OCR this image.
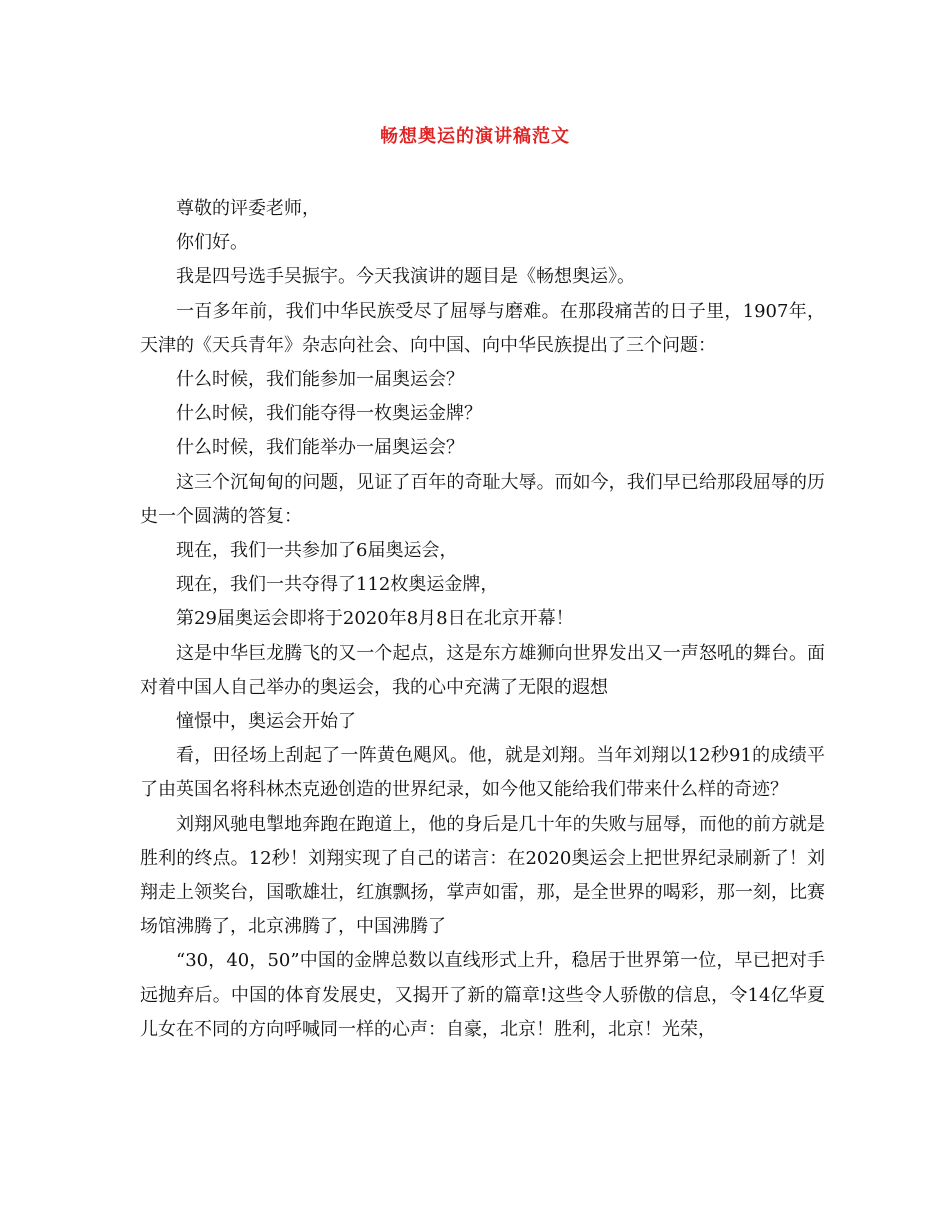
畅想奥运的演讲稿范文

尊敬的评委老师，

你们好。

我是四号选手吴振宇。今天我演讲的题目是《畅想奥运》。

一百多年前，我们中华民族受尽了屈辱与磨难。在那段痛苦的日子里，1907年，天津的《天兵青年》杂志向社会、向中国、向中华民族提出了三个问题：

什么时候，我们能参加一届奥运会？

什么时候，我们能夺得一枚奥运金牌？

什么时候，我们能举办一届奥运会？

这三个沉甸甸的问题，见证了百年的奇耻大辱。而如今，我们早已给那段屈辱的历史一个圆满的答复：

现在，我们一共参加了6届奥运会，

现在，我们一共夺得了112枚奥运金牌，

第29届奥运会即将于2020年8月8日在北京开幕！

这是中华巨龙腾飞的又一个起点，这是东方雄狮向世界发出又一声怒吼的舞台。面对着中国人自己举办的奥运会，我的心中充满了无限的遐想

憧憬中，奥运会开始了

看，田径场上刮起了一阵黄色飓风。他，就是刘翔。当年刘翔以12秒91的成绩平了由英国名将科林杰克逊创造的世界纪录，如今他又能给我们带来什么样的奇迹？

刘翔风驰电掣地奔跑在跑道上，他的身后是几十年的失败与屈辱，而他的前方就是胜利的终点。12秒！刘翔实现了自己的诺言：在2020奥运会上把世界纪录刷新了！刘翔走上领奖台，国歌雄壮，红旗飘扬，掌声如雷，那，是全世界的喝彩，那一刻，比赛场馆沸腾了，北京沸腾了，中国沸腾了

“30，40，50”中国的金牌总数以直线形式上升，稳居于世界第一位，早已把对手远抛弃后。中国的体育发展史，又揭开了新的篇章!这些令人骄傲的信息，令14亿华夏儿女在不同的方向呼喊同一样的心声：自豪，北京！胜利，北京！光荣，
